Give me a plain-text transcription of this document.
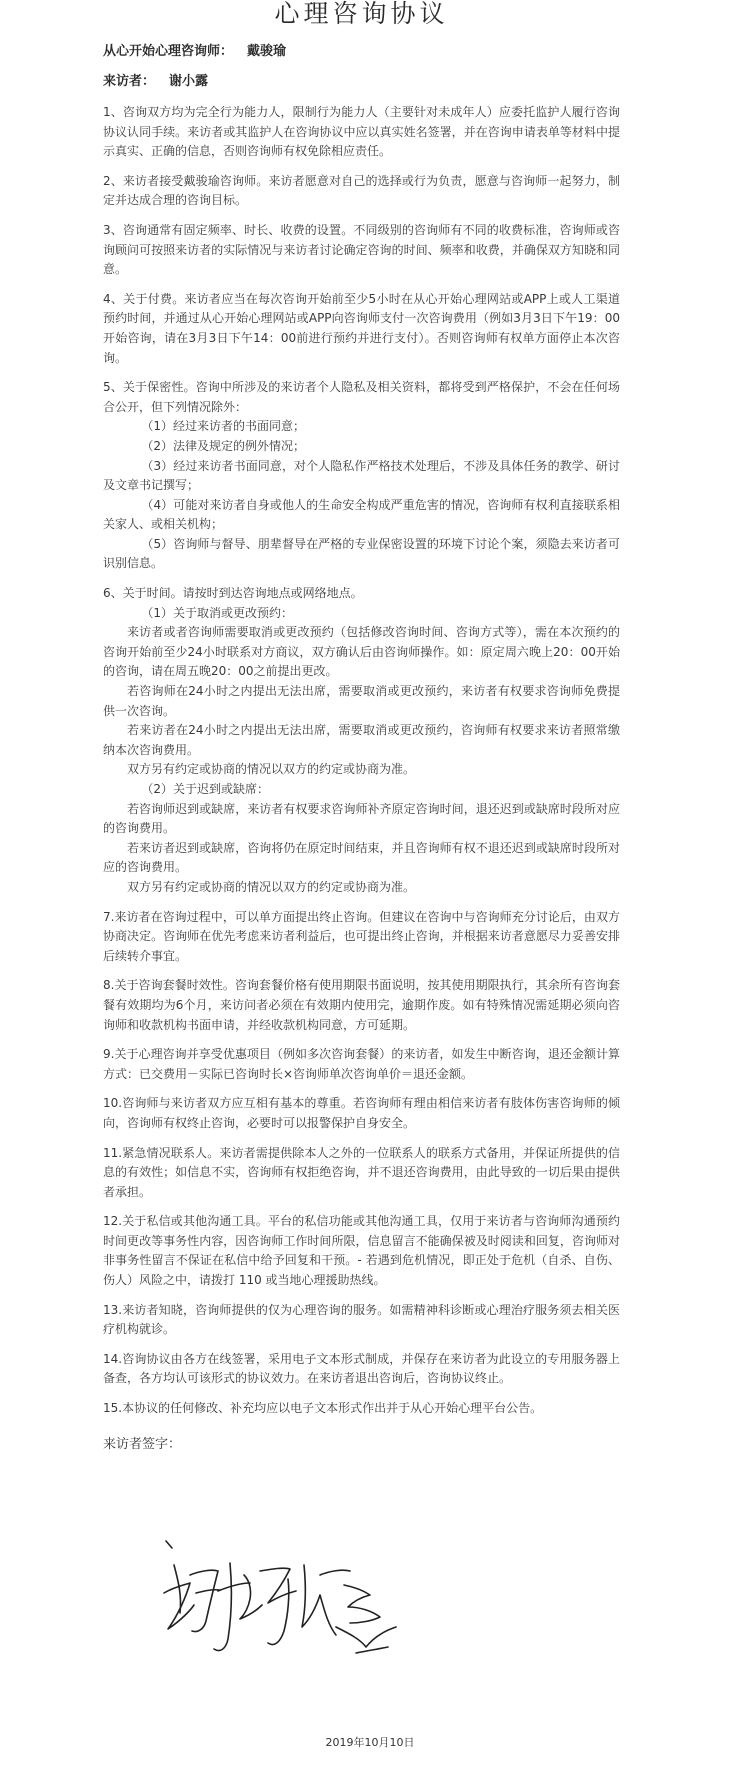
心理咨询协议
从心开始心理咨询师： 戴骏瑜
来访者： 谢小露

1、咨询双方均为完全行为能力人，限制行为能力人（主要针对未成年人）应委托监护人履行咨询协议认同手续。来访者或其监护人在咨询协议中应以真实姓名签署，并在咨询申请表单等材料中提示真实、正确的信息，否则咨询师有权免除相应责任。

2、来访者接受戴骏瑜咨询师。来访者愿意对自己的选择或行为负责，愿意与咨询师一起努力，制定并达成合理的咨询目标。

3、咨询通常有固定频率、时长、收费的设置。不同级别的咨询师有不同的收费标准，咨询师或咨询顾问可按照来访者的实际情况与来访者讨论确定咨询的时间、频率和收费，并确保双方知晓和同意。

4、关于付费。来访者应当在每次咨询开始前至少5小时在从心开始心理网站或APP上或人工渠道预约时间，并通过从心开始心理网站或APP向咨询师支付一次咨询费用（例如3月3日下午19：00开始咨询，请在3月3日下午14：00前进行预约并进行支付）。否则咨询师有权单方面停止本次咨询。

5、关于保密性。咨询中所涉及的来访者个人隐私及相关资料，都将受到严格保护，不会在任何场合公开，但下列情况除外：
（1）经过来访者的书面同意；
（2）法律及规定的例外情况；
（3）经过来访者书面同意，对个人隐私作严格技术处理后，不涉及具体任务的教学、研讨及文章书记撰写；
（4）可能对来访者自身或他人的生命安全构成严重危害的情况，咨询师有权利直接联系相关家人、或相关机构；
（5）咨询师与督导、朋辈督导在严格的专业保密设置的环境下讨论个案，须隐去来访者可识别信息。
6、关于时间。请按时到达咨询地点或网络地点。
（1）关于取消或更改预约：
来访者或者咨询师需要取消或更改预约（包括修改咨询时间、咨询方式等），需在本次预约的咨询开始前至少24小时联系对方商议，双方确认后由咨询师操作。如：原定周六晚上20：00开始的咨询，请在周五晚20：00之前提出更改。
若咨询师在24小时之内提出无法出席，需要取消或更改预约，来访者有权要求咨询师免费提供一次咨询。
若来访者在24小时之内提出无法出席，需要取消或更改预约，咨询师有权要求来访者照常缴纳本次咨询费用。
双方另有约定或协商的情况以双方的约定或协商为准。
（2）关于迟到或缺席：
若咨询师迟到或缺席，来访者有权要求咨询师补齐原定咨询时间，退还迟到或缺席时段所对应的咨询费用。
若来访者迟到或缺席，咨询将仍在原定时间结束，并且咨询师有权不退还迟到或缺席时段所对应的咨询费用。
双方另有约定或协商的情况以双方的约定或协商为准。

7.来访者在咨询过程中，可以单方面提出终止咨询。但建议在咨询中与咨询师充分讨论后，由双方协商决定。咨询师在优先考虑来访者利益后，也可提出终止咨询，并根据来访者意愿尽力妥善安排后续转介事宜。

8.关于咨询套餐时效性。咨询套餐价格有使用期限书面说明，按其使用期限执行，其余所有咨询套餐有效期均为6个月，来访问者必须在有效期内使用完，逾期作废。如有特殊情况需延期必须向咨询师和收款机构书面申请，并经收款机构同意，方可延期。

9.关于心理咨询并享受优惠项目（例如多次咨询套餐）的来访者，如发生中断咨询，退还金额计算方式：已交费用－实际已咨询时长×咨询师单次咨询单价＝退还金额。

10.咨询师与来访者双方应互相有基本的尊重。若咨询师有理由相信来访者有肢体伤害咨询师的倾向，咨询师有权终止咨询，必要时可以报警保护自身安全。

11.紧急情况联系人。来访者需提供除本人之外的一位联系人的联系方式备用，并保证所提供的信息的有效性；如信息不实，咨询师有权拒绝咨询，并不退还咨询费用，由此导致的一切后果由提供者承担。

12.关于私信或其他沟通工具。平台的私信功能或其他沟通工具，仅用于来访者与咨询师沟通预约时间更改等事务性内容，因咨询师工作时间所限，信息留言不能确保被及时阅读和回复，咨询师对非事务性留言不保证在私信中给予回复和干预。- 若遇到危机情况，即正处于危机（自杀、自伤、伤人）风险之中，请拨打 110 或当地心理援助热线。

13.来访者知晓，咨询师提供的仅为心理咨询的服务。如需精神科诊断或心理治疗服务须去相关医疗机构就诊。

14.咨询协议由各方在线签署，采用电子文本形式制成，并保存在来访者为此设立的专用服务器上备查，各方均认可该形式的协议效力。在来访者退出咨询后，咨询协议终止。

15.本协议的任何修改、补充均应以电子文本形式作出并于从心开始心理平台公告。

来访者签字：
2019年10月10日
